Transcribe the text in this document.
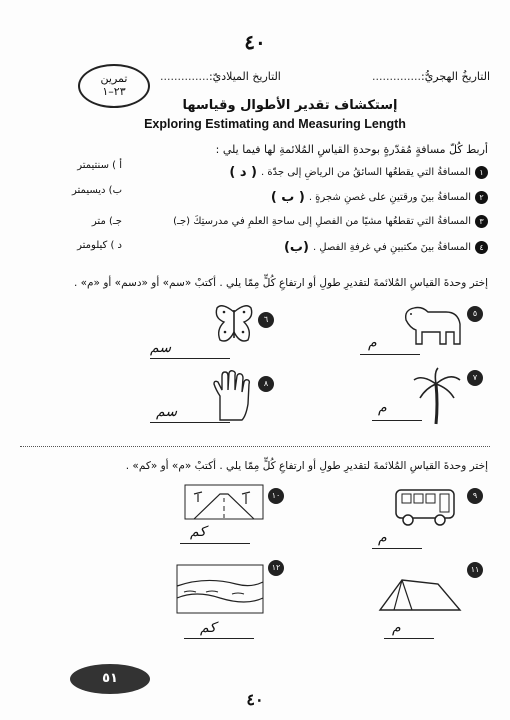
٤٠
التاريخُ الهجريُّ:..............
التاريخ الميلاديّ:..............
تمرين
٢٣–١
إستكشاف تقدير الأطوال وقياسها
Exploring Estimating and Measuring Length
أربط كُلّ مسافةٍ مُقدّرةٍ بوحدةِ القياسِ المُلائمةِ لها فيما يلي :
١
المسافةُ التي يقطعُها السائقُ من الرياضِ إلى جدّة .
( د )
٢
المسافةُ بينَ ورقتينِ على غصنِ شجرةٍ .
( ب )
٣
المسافةُ التي تقطعُها مشيًا من الفصلِ إلى ساحةِ العلمِ في مدرستِكَ (جـ)
٤
المسافةُ بينَ مكتبينِ في غرفةِ الفصلِ .
(ب)
أ ) سنتيمتر
ب) ديسيمتر
جـ) متر
د ) كيلومتر
إختر وحدةَ القياسِ المُلائمةَ لتقديرِ طولِ أو ارتفاعِ كُلٍّ مِمّا يلي . أكتبْ «سم» أو «دسم» أو «م» .
٥
م
٦
سم
٧
م
٨
سم
إختر وحدةَ القياسِ المُلائمةَ لتقديرِ طولِ أو ارتفاعِ كُلٍّ مِمّا يلي . أكتبْ «م» أو «كم» .
٩
م
١٠
كم
١١
م
١٢
كم
٥١
٤٠
